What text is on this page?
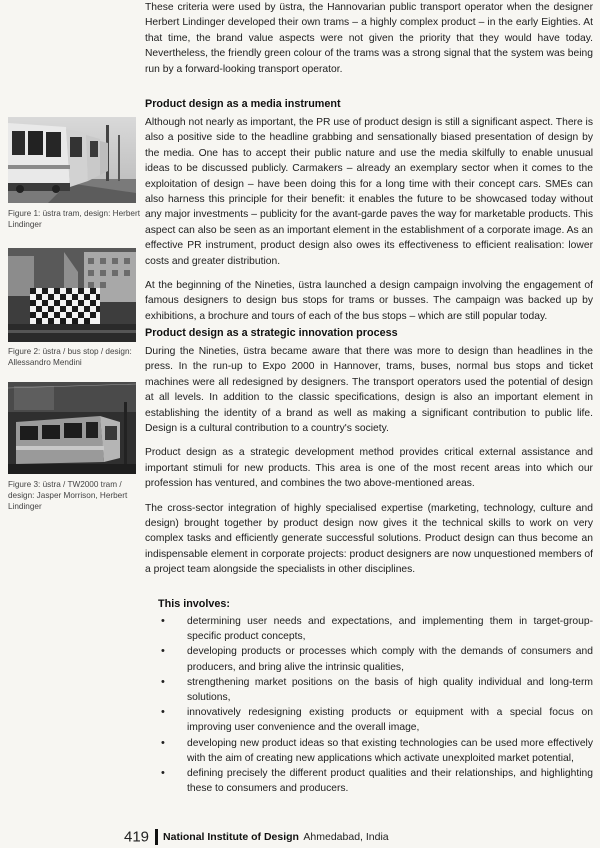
Figure 1: üstra tram, design: Herbert Lindinger
Figure 2: üstra / bus stop / design: Allessandro Mendini
Figure 3: üstra / TW2000 tram / design: Jasper Morrison, Herbert Lindinger

These criteria were used by üstra, the Hannovarian public transport operator when the designer Herbert Lindinger developed their own trams – a highly complex product – in the early Eighties. At that time, the brand value aspects were not given the priority that they would have today. Nevertheless, the friendly green colour of the trams was a strong signal that the system was being run by a forward-looking transport operator.

Product design as a media instrument

Although not nearly as important, the PR use of product design is still a significant aspect. There is also a positive side to the headline grabbing and sensationally biased presentation of design by the media. One has to accept their public nature and use the media skilfully to enable unusual ideas to be discussed publicly. Carmakers – already an exemplary sector when it comes to the exploitation of design – have been doing this for a long time with their concept cars. SMEs can also harness this principle for their benefit: it enables the future to be showcased today without any major investments – publicity for the avant-garde paves the way for marketable products. This aspect can also be seen as an important element in the establishment of a corporate image. As an effective PR instrument, product design also owes its effectiveness to efficient realisation: lower costs and greater distribution.

At the beginning of the Nineties, üstra launched a design campaign involving the engagement of famous designers to design bus stops for trams or busses. The campaign was backed up by exhibitions, a brochure and tours of each of the bus stops – which are still popular today.

Product design as a strategic innovation process

During the Nineties, üstra became aware that there was more to design than headlines in the press. In the run-up to Expo 2000 in Hannover, trams, buses, normal bus stops and ticket machines were all redesigned by designers. The transport operators used the potential of design at all levels. In addition to the classic specifications, design is also an important element in establishing the identity of a brand as well as making a significant contribution to public life. Design is a cultural contribution to a country's society.

Product design as a strategic development method provides critical external assistance and important stimuli for new products. This area is one of the most recent areas into which our profession has ventured, and combines the two above-mentioned areas.

The cross-sector integration of highly specialised expertise (marketing, technology, culture and design) brought together by product design now gives it the technical skills to work on very complex tasks and efficiently generate successful solutions. Product design can thus become an indispensable element in corporate projects: product designers are now unquestioned members of a project team alongside the specialists in other disciplines.

This involves:
• determining user needs and expectations, and implementing them in target-group-specific product concepts,
• developing products or processes which comply with the demands of consumers and producers, and bring alive the intrinsic qualities,
• strengthening market positions on the basis of high quality individual and long-term solutions,
• innovatively redesigning existing products or equipment with a special focus on improving user convenience and the overall image,
• developing new product ideas so that existing technologies can be used more effectively with the aim of creating new applications which activate unexploited market potential,
• defining precisely the different product qualities and their relationships, and highlighting these to consumers and producers.
419 National Institute of Design Ahmedabad, India
